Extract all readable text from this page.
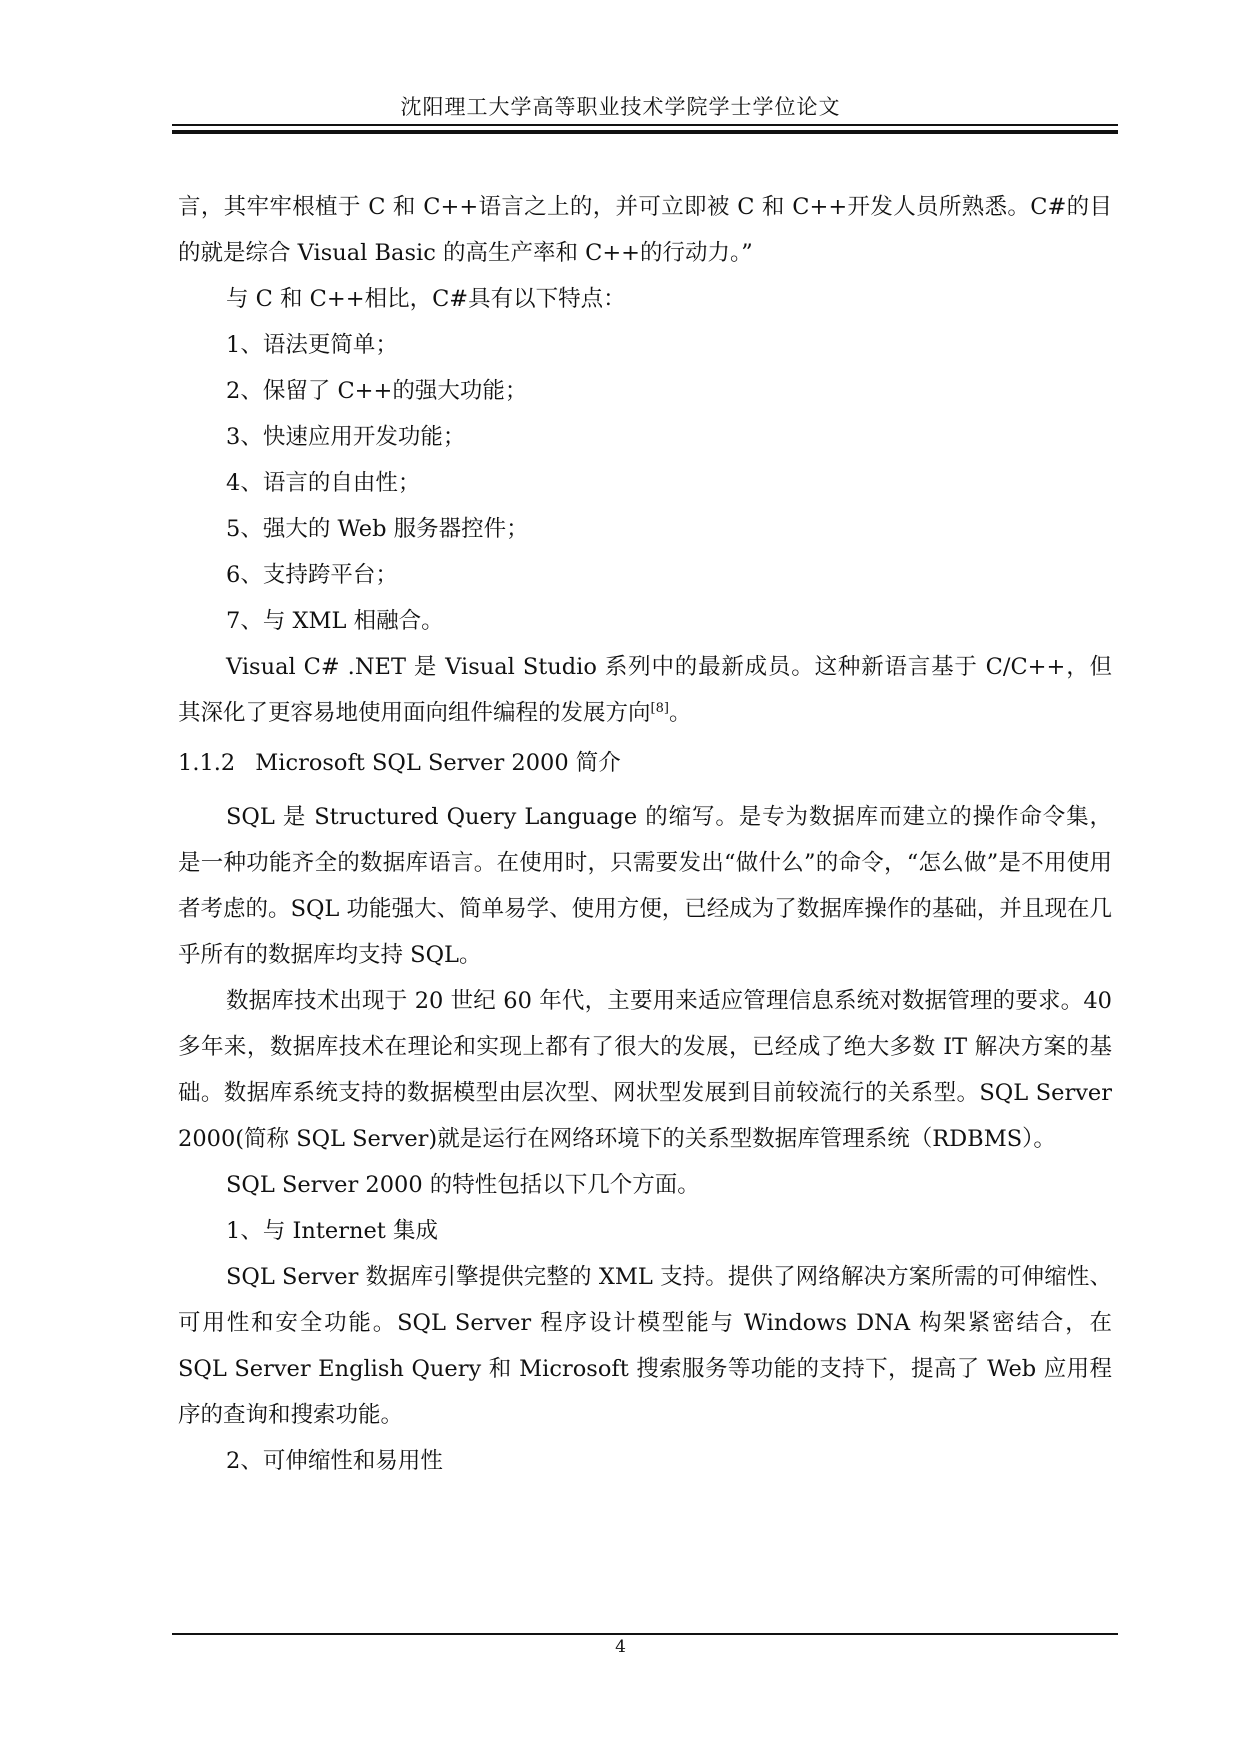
沈阳理工大学高等职业技术学院学士学位论文

言，其牢牢根植于 C 和 C++语言之上的，并可立即被 C 和 C++开发人员所熟悉。C#的目的就是综合 Visual Basic 的高生产率和 C++的行动力。”

与 C 和 C++相比，C#具有以下特点：

1、语法更简单；

2、保留了 C++的强大功能；

3、快速应用开发功能；

4、语言的自由性；

5、强大的 Web 服务器控件；

6、支持跨平台；

7、与 XML 相融合。

Visual C# .NET 是 Visual Studio 系列中的最新成员。这种新语言基于 C/C++，但其深化了更容易地使用面向组件编程的发展方向[8]。

1.1.2 Microsoft SQL Server 2000 简介

SQL 是 Structured Query Language 的缩写。是专为数据库而建立的操作命令集，是一种功能齐全的数据库语言。在使用时，只需要发出“做什么”的命令，“怎么做”是不用使用者考虑的。SQL 功能强大、简单易学、使用方便，已经成为了数据库操作的基础，并且现在几乎所有的数据库均支持 SQL。

数据库技术出现于 20 世纪 60 年代，主要用来适应管理信息系统对数据管理的要求。40 多年来，数据库技术在理论和实现上都有了很大的发展，已经成了绝大多数 IT 解决方案的基础。数据库系统支持的数据模型由层次型、网状型发展到目前较流行的关系型。SQL Server 2000(简称 SQL Server)就是运行在网络环境下的关系型数据库管理系统（RDBMS）。

SQL Server 2000 的特性包括以下几个方面。

1、与 Internet 集成

SQL Server 数据库引擎提供完整的 XML 支持。提供了网络解决方案所需的可伸缩性、可用性和安全功能。SQL Server 程序设计模型能与 Windows DNA 构架紧密结合，在 SQL Server English Query 和 Microsoft 搜索服务等功能的支持下，提高了 Web 应用程序的查询和搜索功能。

2、可伸缩性和易用性

4
